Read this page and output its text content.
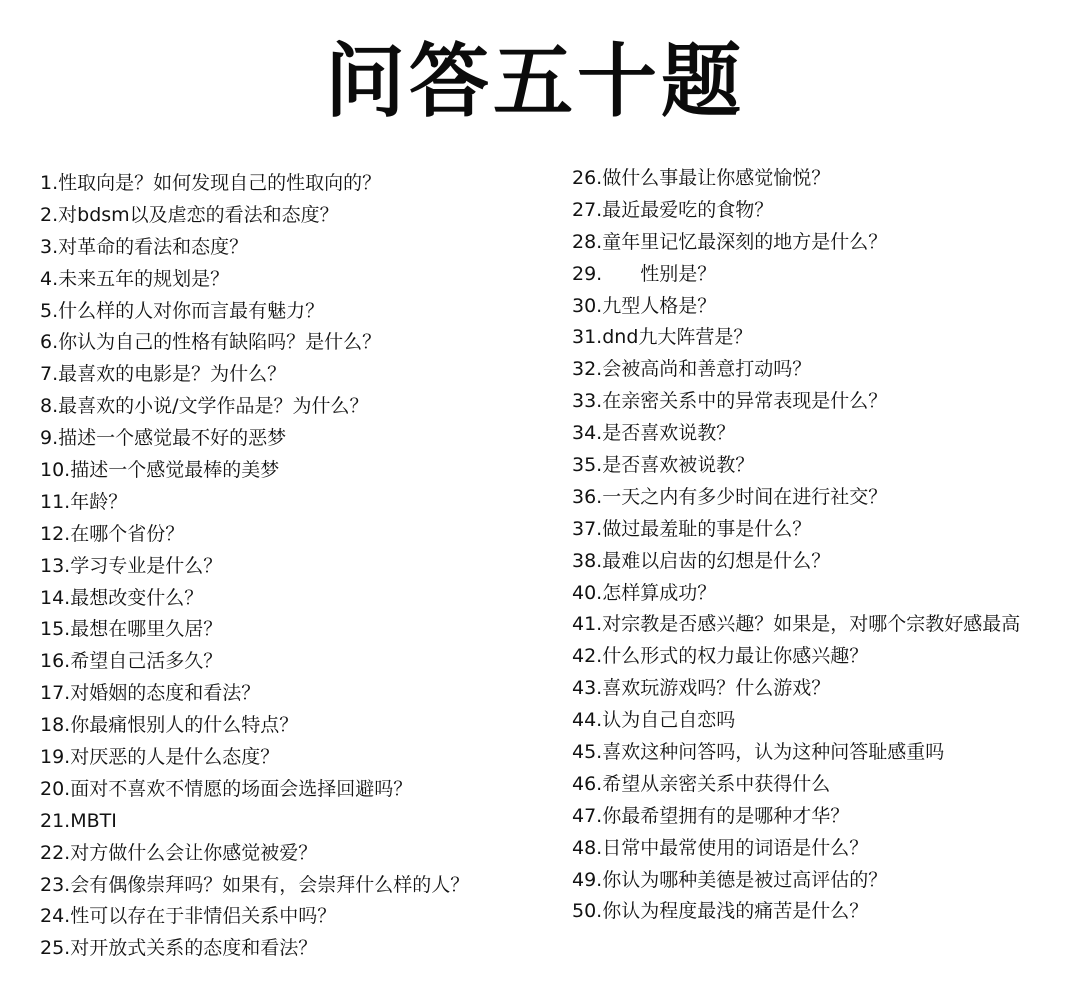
问答五十题
1.性取向是？如何发现自己的性取向的？
2.对bdsm以及虐恋的看法和态度？
3.对革命的看法和态度？
4.未来五年的规划是？
5.什么样的人对你而言最有魅力？
6.你认为自己的性格有缺陷吗？是什么？
7.最喜欢的电影是？为什么？
8.最喜欢的小说/文学作品是？为什么？
9.描述一个感觉最不好的恶梦
10.描述一个感觉最棒的美梦
11.年龄？
12.在哪个省份？
13.学习专业是什么？
14.最想改变什么？
15.最想在哪里久居？
16.希望自己活多久？
17.对婚姻的态度和看法？
18.你最痛恨别人的什么特点？
19.对厌恶的人是什么态度？
20.面对不喜欢不情愿的场面会选择回避吗？
21.MBTI
22.对方做什么会让你感觉被爱？
23.会有偶像崇拜吗？如果有，会崇拜什么样的人？
24.性可以存在于非情侣关系中吗？
25.对开放式关系的态度和看法？
26.做什么事最让你感觉愉悦？
27.最近最爱吃的食物？
28.童年里记忆最深刻的地方是什么？
29.　　性别是？
30.九型人格是？
31.dnd九大阵营是？
32.会被高尚和善意打动吗？
33.在亲密关系中的异常表现是什么？
34.是否喜欢说教？
35.是否喜欢被说教？
36.一天之内有多少时间在进行社交？
37.做过最羞耻的事是什么？
38.最难以启齿的幻想是什么？
40.怎样算成功？
41.对宗教是否感兴趣？如果是，对哪个宗教好感最高
42.什么形式的权力最让你感兴趣？
43.喜欢玩游戏吗？什么游戏？
44.认为自己自恋吗
45.喜欢这种问答吗，认为这种问答耻感重吗
46.希望从亲密关系中获得什么
47.你最希望拥有的是哪种才华？
48.日常中最常使用的词语是什么？
49.你认为哪种美德是被过高评估的？
50.你认为程度最浅的痛苦是什么？
